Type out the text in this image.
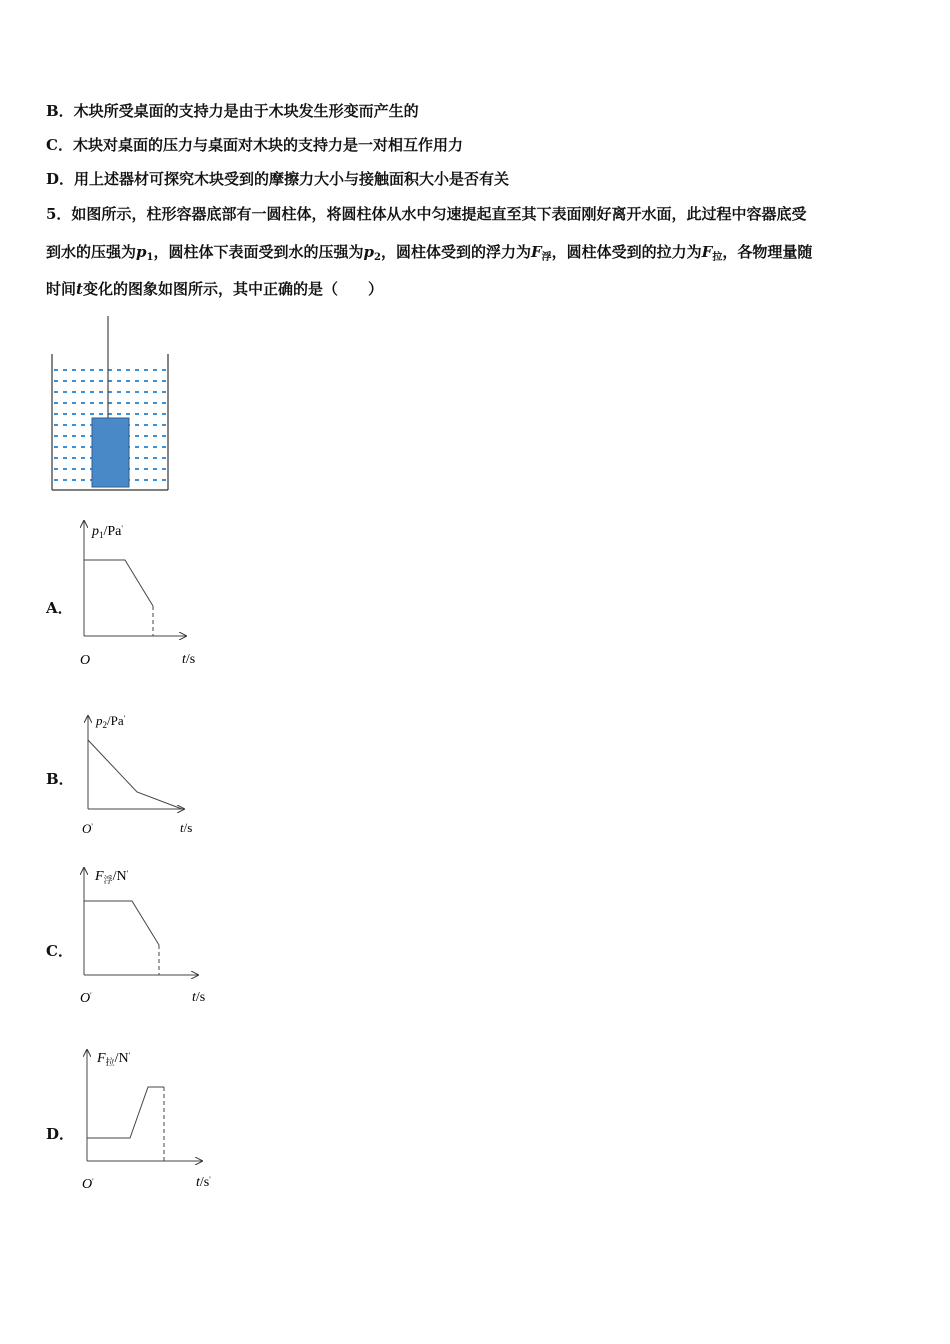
B．木块所受桌面的支持力是由于木块发生形变而产生的
C．木块对桌面的压力与桌面对木块的支持力是一对相互作用力
D．用上述器材可探究木块受到的摩擦力大小与接触面积大小是否有关
5．如图所示，柱形容器底部有一圆柱体，将圆柱体从水中匀速提起直至其下表面刚好离开水面，此过程中容器底受
到水的压强为$p_1$，圆柱体下表面受到水的压强为$p_2$，圆柱体受到的浮力为$F_浮$，圆柱体受到的拉力为$F_拉$，各物理量随
时间t变化的图象如图所示，其中正确的是（　　）
A．
$p_1/Pa'$
O	t/s
B．
$p_2/Pa'$
O'	t/s
C．
$F_浮/N'$
O'	t/s
D．
$F_拉/N'$
O'	t/s'
